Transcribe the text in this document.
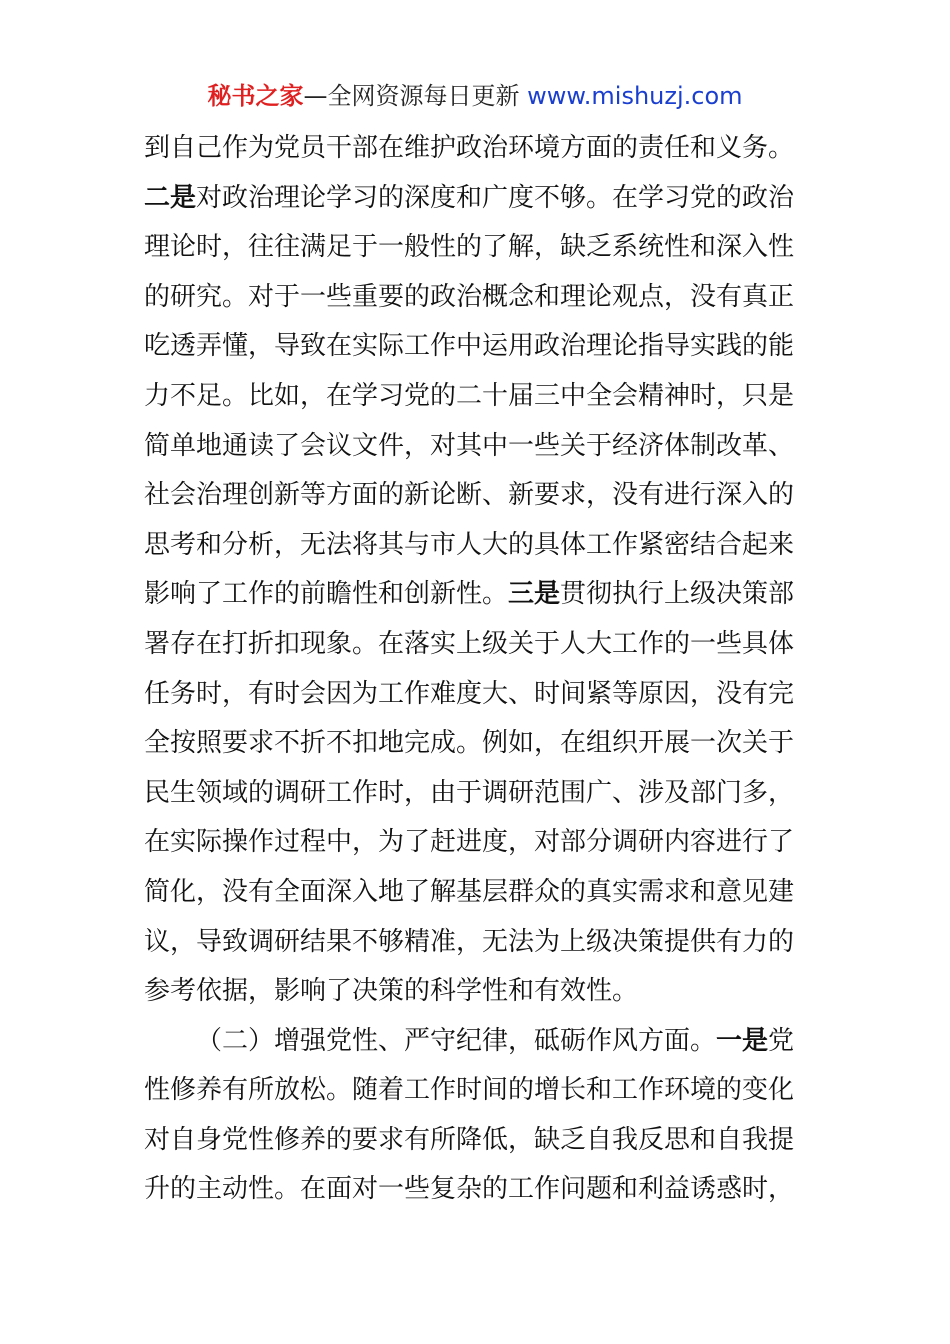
秘书之家—全网资源每日更新 www.mishuzj.com
到自己作为党员干部在维护政治环境方面的责任和义务。
二是对政治理论学习的深度和广度不够。在学习党的政治
理论时，往往满足于一般性的了解，缺乏系统性和深入性
的研究。对于一些重要的政治概念和理论观点，没有真正
吃透弄懂，导致在实际工作中运用政治理论指导实践的能
力不足。比如，在学习党的二十届三中全会精神时，只是
简单地通读了会议文件，对其中一些关于经济体制改革、
社会治理创新等方面的新论断、新要求，没有进行深入的
思考和分析，无法将其与市人大的具体工作紧密结合起来
影响了工作的前瞻性和创新性。三是贯彻执行上级决策部
署存在打折扣现象。在落实上级关于人大工作的一些具体
任务时，有时会因为工作难度大、时间紧等原因，没有完
全按照要求不折不扣地完成。例如，在组织开展一次关于
民生领域的调研工作时，由于调研范围广、涉及部门多，
在实际操作过程中，为了赶进度，对部分调研内容进行了
简化，没有全面深入地了解基层群众的真实需求和意见建
议，导致调研结果不够精准，无法为上级决策提供有力的
参考依据，影响了决策的科学性和有效性。
（二）增强党性、严守纪律，砥砺作风方面。一是党
性修养有所放松。随着工作时间的增长和工作环境的变化
对自身党性修养的要求有所降低，缺乏自我反思和自我提
升的主动性。在面对一些复杂的工作问题和利益诱惑时，
